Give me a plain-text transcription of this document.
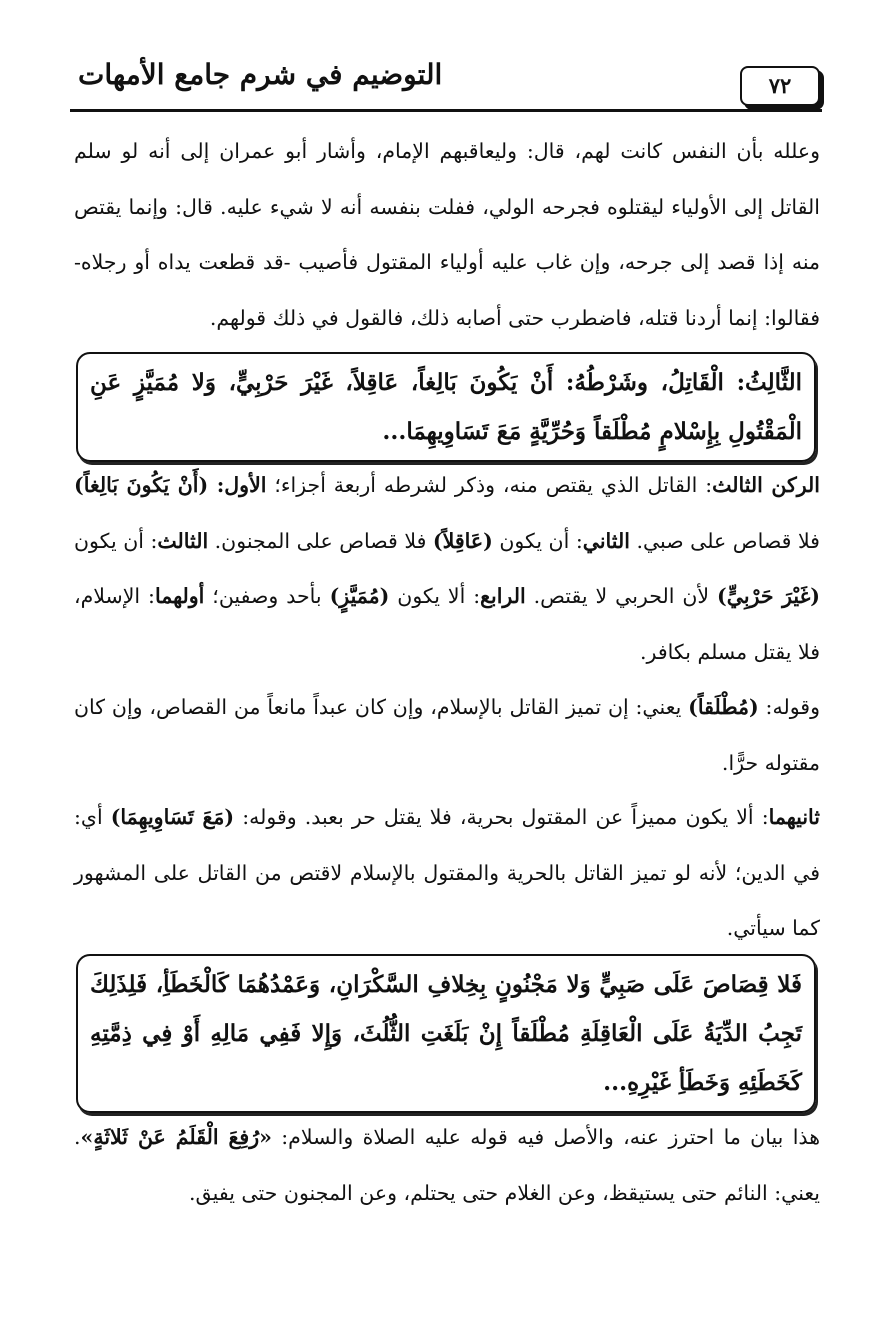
٧٢
التوضيم في شرم جامع الأمهات

وعلله بأن النفس كانت لهم، قال: وليعاقبهم الإمام، وأشار أبو عمران إلى أنه لو سلم القاتل إلى الأولياء ليقتلوه فجرحه الولي، ففلت بنفسه أنه لا شيء عليه. قال: وإنما يقتص منه إذا قصد إلى جرحه، وإن غاب عليه أولياء المقتول فأصيب -قد قطعت يداه أو رجلاه- فقالوا: إنما أردنا قتله، فاضطرب حتى أصابه ذلك، فالقول في ذلك قولهم.

الثَّالِثُ: الْقَاتِلُ، وشَرْطُهُ: أَنْ يَكُونَ بَالِغاً، عَاقِلاً، غَيْرَ حَرْبِيٍّ، وَلا مُمَيَّزٍ عَنِ الْمَقْتُولِ بِإِسْلامٍ مُطْلَقاً وَحُرِّيَّةٍ مَعَ تَسَاوِيهِمَا...

الركن الثالث: القاتل الذي يقتص منه، وذكر لشرطه أربعة أجزاء؛ الأول: (أَنْ يَكُونَ بَالِغاً) فلا قصاص على صبي. الثاني: أن يكون (عَاقِلاً) فلا قصاص على المجنون. الثالث: أن يكون (غَيْرَ حَرْبِيٍّ) لأن الحربي لا يقتص. الرابع: ألا يكون (مُمَيَّزٍ) بأحد وصفين؛ أولهما: الإسلام، فلا يقتل مسلم بكافر.

وقوله: (مُطْلَقاً) يعني: إن تميز القاتل بالإسلام، وإن كان عبداً مانعاً من القصاص، وإن كان مقتوله حرًّا.

ثانيهما: ألا يكون مميزاً عن المقتول بحرية، فلا يقتل حر بعبد. وقوله: (مَعَ تَسَاوِيهِمَا) أي: في الدين؛ لأنه لو تميز القاتل بالحرية والمقتول بالإسلام لاقتص من القاتل على المشهور كما سيأتي.

فَلا قِصَاصَ عَلَى صَبِيٍّ وَلا مَجْنُونٍ بِخِلافِ السَّكْرَانِ، وَعَمْدُهُمَا كَالْخَطَأِ، فَلِذَلِكَ تَجِبُ الدِّيَةُ عَلَى الْعَاقِلَةِ مُطْلَقاً إِنْ بَلَغَتِ الثُّلُثَ، وَإِلا فَفِي مَالِهِ أَوْ فِي ذِمَّتِهِ كَخَطَئِهِ وَخَطَأِ غَيْرِهِ...

هذا بيان ما احترز عنه، والأصل فيه قوله عليه الصلاة والسلام: «رُفِعَ الْقَلَمُ عَنْ ثَلاثَةٍ». يعني: النائم حتى يستيقظ، وعن الغلام حتى يحتلم، وعن المجنون حتى يفيق.
